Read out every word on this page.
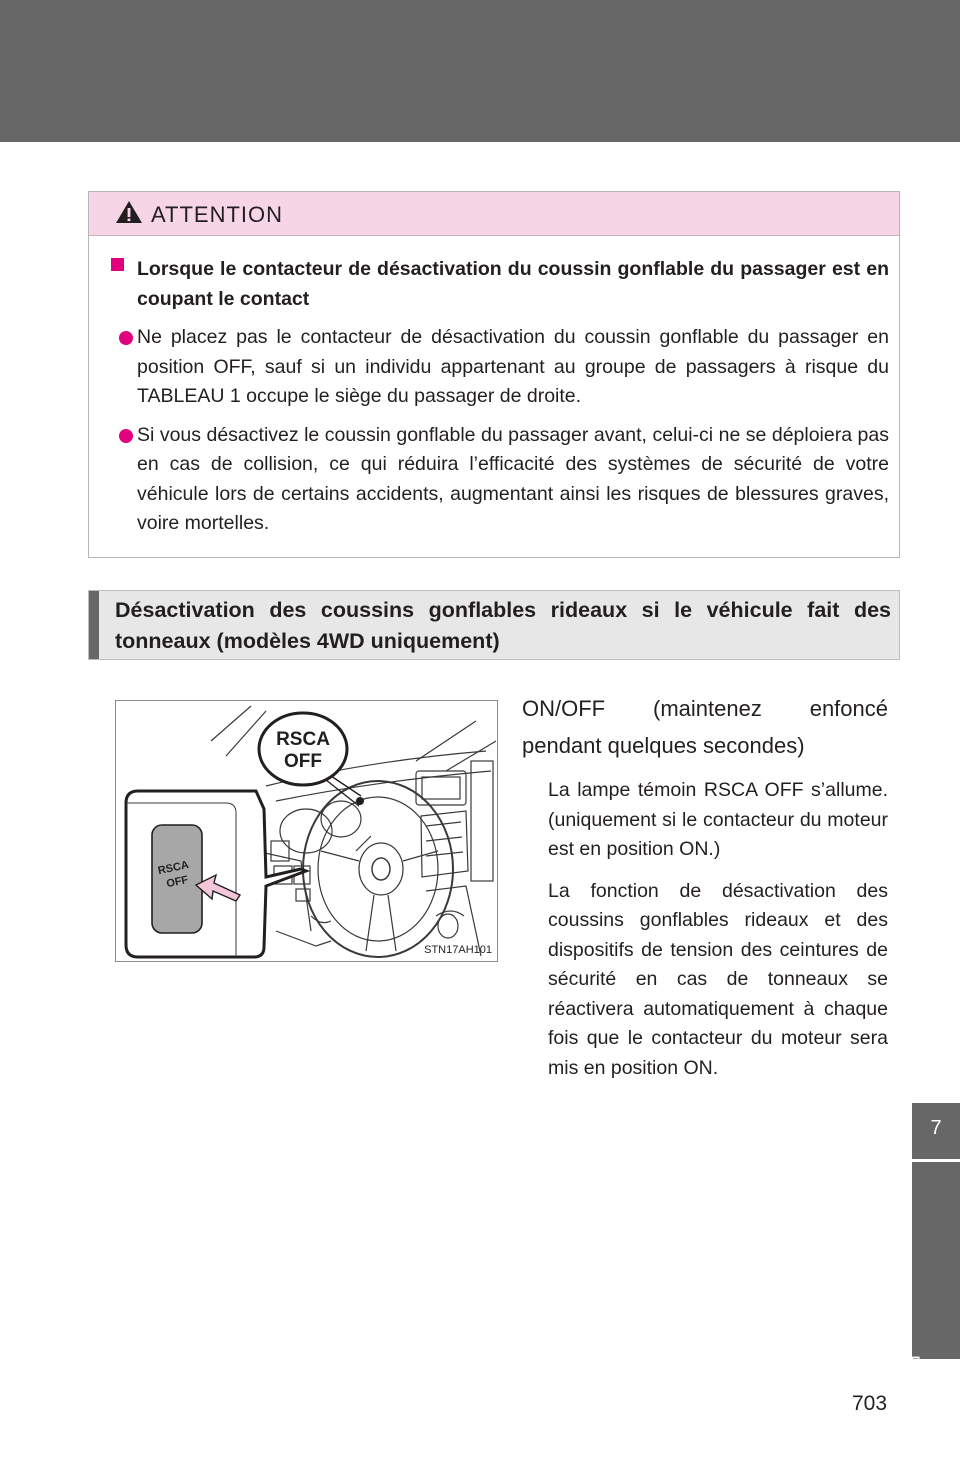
7
For owners
ATTENTION
Lorsque le contacteur de désactivation du coussin gonflable du passager est en coupant le contact
Ne placez pas le contacteur de désactivation du coussin gonflable du passager en position OFF, sauf si un individu appartenant au groupe de passagers à risque du TABLEAU 1 occupe le siège du passager de droite.
Si vous désactivez le coussin gonflable du passager avant, celui-ci ne se déploiera pas en cas de collision, ce qui réduira l’efficacité des systèmes de sécurité de votre véhicule lors de certains accidents, augmentant ainsi les risques de blessures graves, voire mortelles.
Désactivation des coussins gonflables rideaux si le véhicule fait des tonneaux (modèles 4WD uniquement)
RSCA
OFF
RSCA
OFF
STN17AH101
ON/OFF (maintenez enfoncé pendant quelques secondes)
La lampe témoin RSCA OFF s’allume. (uniquement si le contacteur du moteur est en position ON.)
La fonction de désactivation des coussins gonflables rideaux et des dispositifs de tension des ceintures de sécurité en cas de tonneaux se réactivera automatiquement à chaque fois que le contacteur du moteur sera mis en position ON.
703
